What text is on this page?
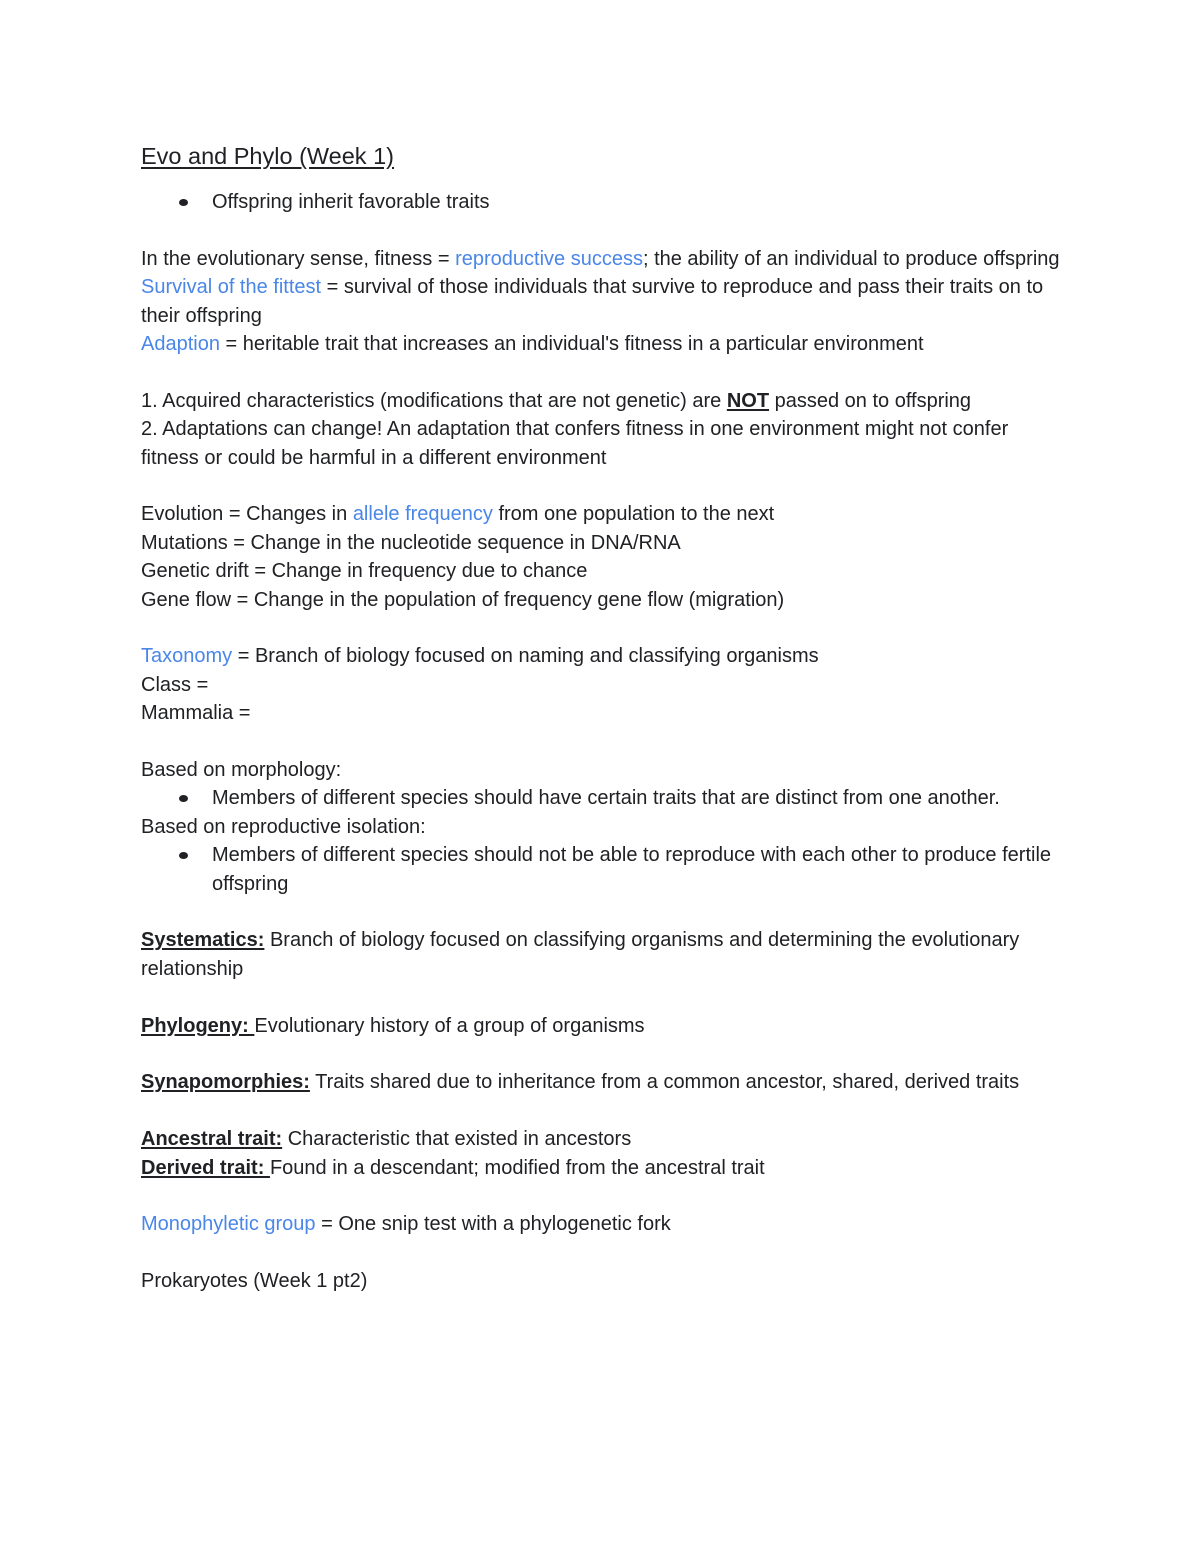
Evo and Phylo (Week 1)
Offspring inherit favorable traits

In the evolutionary sense, fitness = reproductive success; the ability of an individual to produce offspring

Survival of the fittest = survival of those individuals that survive to reproduce and pass their traits on to their offspring

Adaption = heritable trait that increases an individual's fitness in a particular environment

1. Acquired characteristics (modifications that are not genetic) are NOT passed on to offspring

2. Adaptations can change! An adaptation that confers fitness in one environment might not confer fitness or could be harmful in a different environment

Evolution = Changes in allele frequency from one population to the next

Mutations = Change in the nucleotide sequence in DNA/RNA

Genetic drift = Change in frequency due to chance

Gene flow = Change in the population of frequency gene flow (migration)

Taxonomy = Branch of biology focused on naming and classifying organisms

Class =

Mammalia =

Based on morphology:

Members of different species should have certain traits that are distinct from one another.

Based on reproductive isolation:

Members of different species should not be able to reproduce with each other to produce fertile offspring

Systematics: Branch of biology focused on classifying organisms and determining the evolutionary relationship

Phylogeny: Evolutionary history of a group of organisms

Synapomorphies: Traits shared due to inheritance from a common ancestor, shared, derived traits

Ancestral trait: Characteristic that existed in ancestors

Derived trait: Found in a descendant; modified from the ancestral trait

Monophyletic group = One snip test with a phylogenetic fork

Prokaryotes (Week 1 pt2)
